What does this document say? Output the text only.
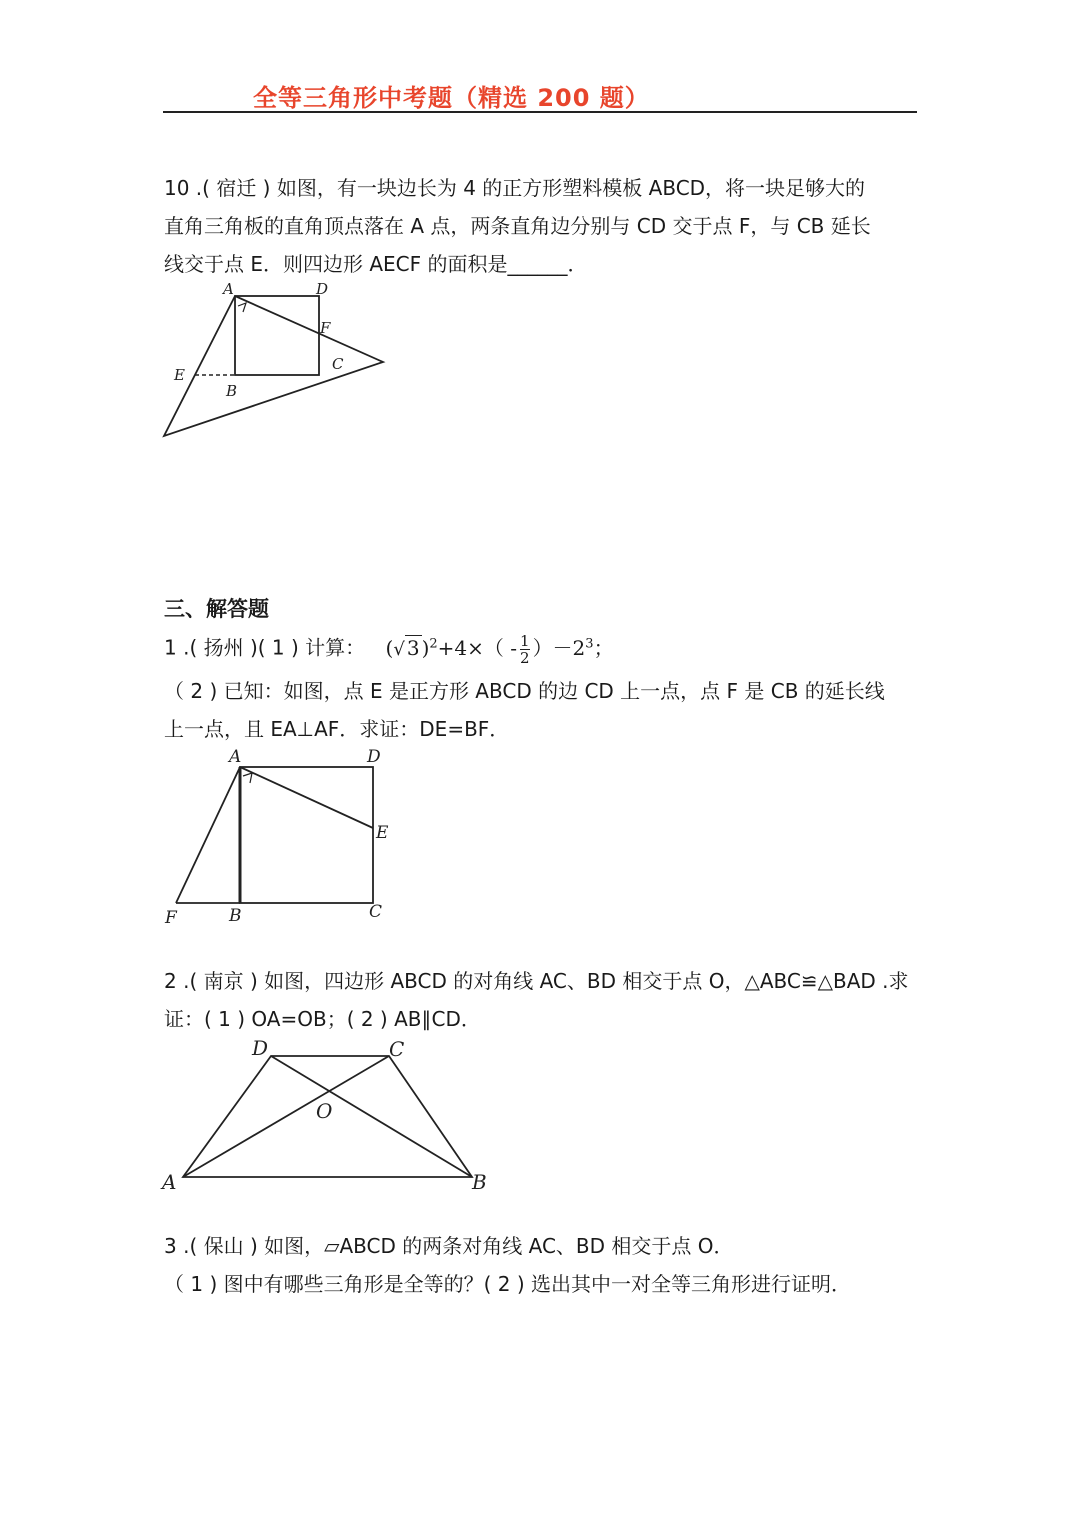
全等三角形中考题（精选 200 题）
10 .( 宿迁 ) 如图，有一块边长为 4 的正方形塑料模板 ABCD，将一块足够大的
直角三角板的直角顶点落在 A 点，两条直角边分别与 CD 交于点 F，与 CB 延长
线交于点 E．则四边形 AECF 的面积是______．
A	D
F
C
E
B
A	D
E
F	B	C
D	C
O
A	B
三、解答题
1 .( 扬州 )( 1 ) 计算： (√ 3 )$^2+4\times( - \frac{1}{2} )-2^3$；
（ 2 ) 已知：如图，点 E 是正方形 ABCD 的边 CD 上一点，点 F 是 CB 的延长线
上一点，且 EA⊥AF．求证：DE=BF．
2 .( 南京 ) 如图，四边形 ABCD 的对角线 AC、BD 相交于点 O，△ABC≌△BAD .求
证：( 1 ) OA=OB；( 2 ) AB∥CD．
3 .( 保山 ) 如图，▱ABCD 的两条对角线 AC、BD 相交于点 O．
（ 1 ) 图中有哪些三角形是全等的？( 2 ) 选出其中一对全等三角形进行证明．
